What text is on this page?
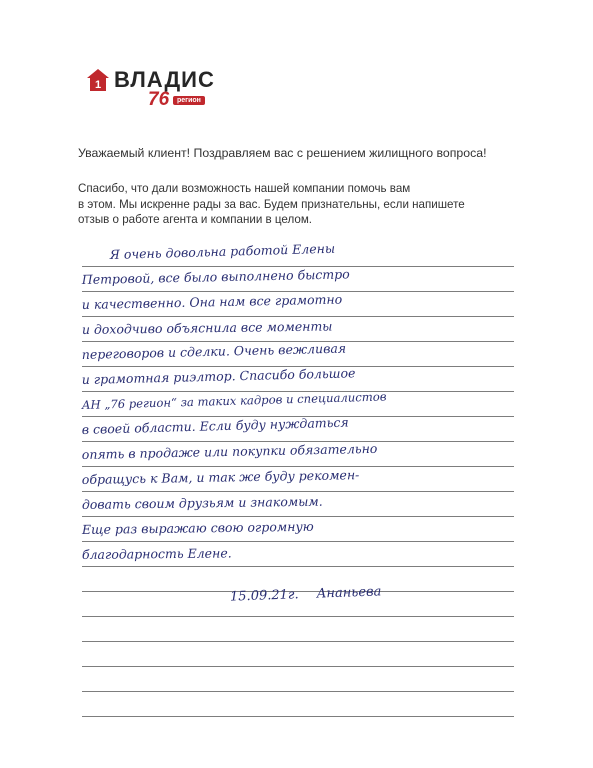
1 ВЛАДИС
76	регион
Уважаемый клиент! Поздравляем вас с решением жилищного вопроса!
Спасибо, что дали возможность нашей компании помочь вам
в этом. Мы искренне рады за вас. Будем признательны, если напишете
отзыв о работе агента и компании в целом.
Я очень довольна работой Елены
Петровой, все было выполнено быстро
и качественно. Она нам все грамотно
и доходчиво объяснила все моменты
переговоров и сделки. Очень вежливая
и грамотная риэлтор. Спасибо большое
АН „76 регион“ за таких кадров и специалистов
в своей области. Если буду нуждаться
опять в продаже или покупки обязательно
обращусь к Вам, и так же буду рекомен-
довать своим друзьям и знакомым.
Еще раз выражаю свою огромную
благодарность Елене.
15.09.21г. Ананьева
